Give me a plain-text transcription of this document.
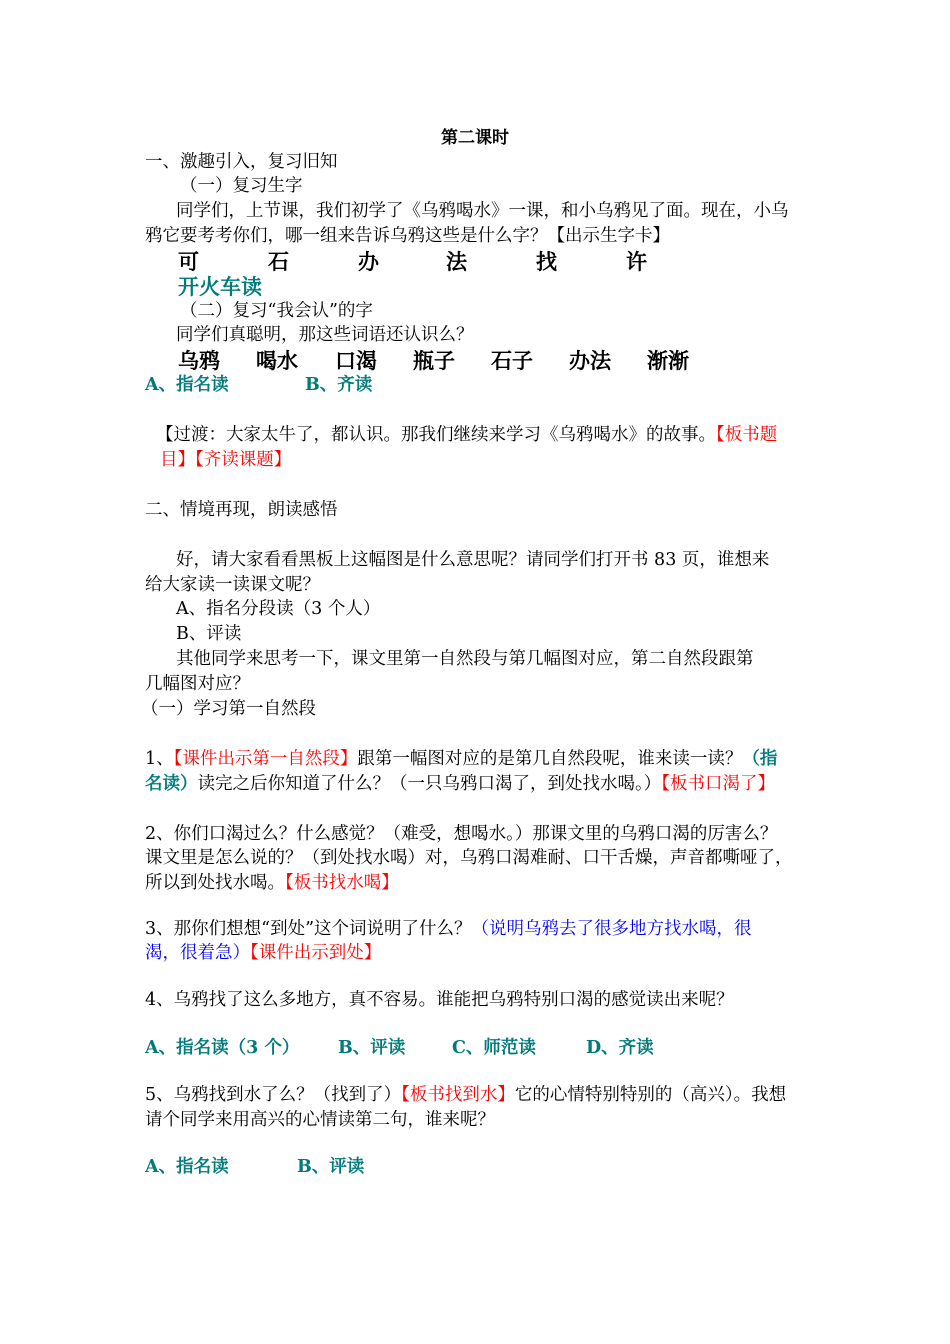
第二课时
一、激趣引入，复习旧知
（一）复习生字
同学们，上节课，我们初学了《乌鸦喝水》一课，和小乌鸦见了面。现在，小乌
鸦它要考考你们，哪一组来告诉乌鸦这些是什么字？【出示生字卡】
可	石	办	法	找	许
开火车读
（二）复习“我会认”的字
同学们真聪明，那这些词语还认识么？
乌鸦 喝水 口渴 瓶子 石子 办法 渐渐
A、指名读	B、齐读
【过渡：大家太牛了，都认识。那我们继续来学习《乌鸦喝水》的故事。【板书题
目】【齐读课题】
二、情境再现，朗读感悟
好，请大家看看黑板上这幅图是什么意思呢？请同学们打开书 83 页，谁想来
给大家读一读课文呢？
A、指名分段读（3 个人）
B、评读
其他同学来思考一下，课文里第一自然段与第几幅图对应，第二自然段跟第
几幅图对应？
（一）学习第一自然段
1、【课件出示第一自然段】跟第一幅图对应的是第几自然段呢，谁来读一读？（指
名读）读完之后你知道了什么？（一只乌鸦口渴了，到处找水喝。）【板书口渴了】
2、你们口渴过么？什么感觉？（难受，想喝水。）那课文里的乌鸦口渴的厉害么？
课文里是怎么说的？（到处找水喝）对，乌鸦口渴难耐、口干舌燥，声音都嘶哑了，
所以到处找水喝。【板书找水喝】
3、那你们想想“到处”这个词说明了什么？（说明乌鸦去了很多地方找水喝，很
渴，很着急）【课件出示到处】
4、乌鸦找了这么多地方，真不容易。谁能把乌鸦特别口渴的感觉读出来呢？
A、指名读（3 个） B、评读	C、师范读	D、齐读
5、乌鸦找到水了么？（找到了）【板书找到水】它的心情特别特别的（高兴）。我想
请个同学来用高兴的心情读第二句，谁来呢？
A、指名读	B、评读
